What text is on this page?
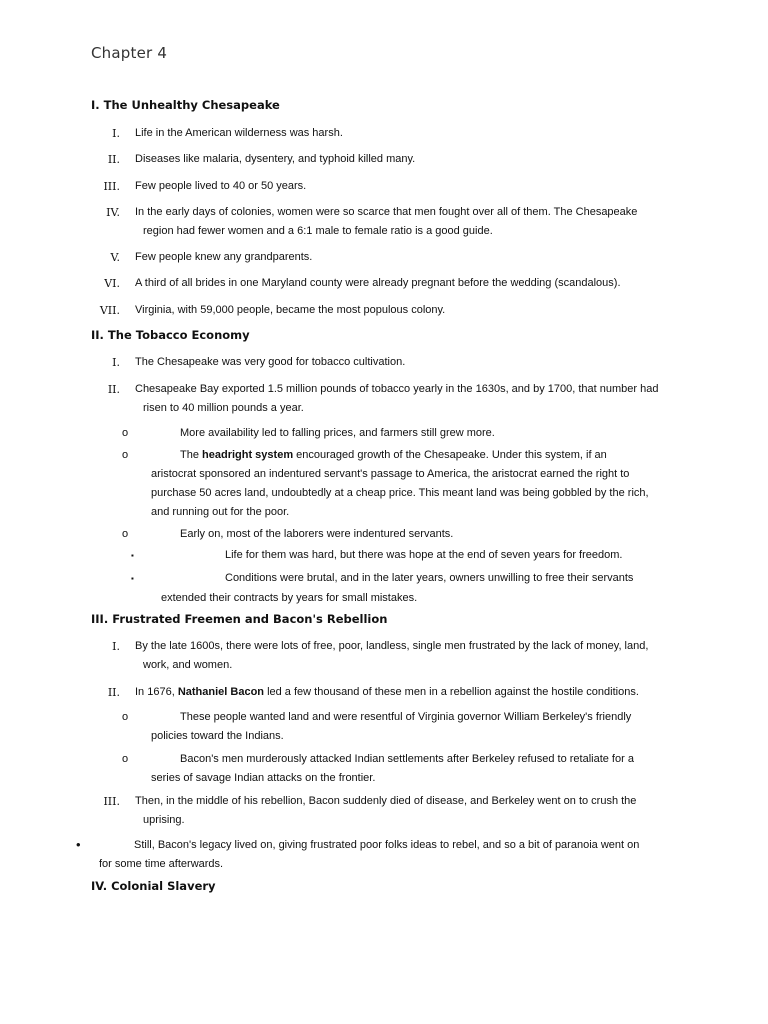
Chapter 4
I. The Unhealthy Chesapeake
I. Life in the American wilderness was harsh.
II. Diseases like malaria, dysentery, and typhoid killed many.
III. Few people lived to 40 or 50 years.
IV. In the early days of colonies, women were so scarce that men fought over all of them. The Chesapeake
region had fewer women and a 6:1 male to female ratio is a good guide.
V. Few people knew any grandparents.
VI. A third of all brides in one Maryland county were already pregnant before the wedding (scandalous).
VII. Virginia, with 59,000 people, became the most populous colony.
II. The Tobacco Economy
I. The Chesapeake was very good for tobacco cultivation.
II. Chesapeake Bay exported 1.5 million pounds of tobacco yearly in the 1630s, and by 1700, that number had
risen to 40 million pounds a year.
o	More availability led to falling prices, and farmers still grew more.
o	The headright system encouraged growth of the Chesapeake. Under this system, if an
aristocrat sponsored an indentured servant's passage to America, the aristocrat earned the right to
purchase 50 acres land, undoubtedly at a cheap price. This meant land was being gobbled by the rich,
and running out for the poor.
o	Early on, most of the laborers were indentured servants.
▪	Life for them was hard, but there was hope at the end of seven years for freedom.
▪	Conditions were brutal, and in the later years, owners unwilling to free their servants
extended their contracts by years for small mistakes.
III. Frustrated Freemen and Bacon's Rebellion
I. By the late 1600s, there were lots of free, poor, landless, single men frustrated by the lack of money, land,
work, and women.
II. In 1676, Nathaniel Bacon led a few thousand of these men in a rebellion against the hostile conditions.
o	These people wanted land and were resentful of Virginia governor William Berkeley's friendly
policies toward the Indians.
o	Bacon's men murderously attacked Indian settlements after Berkeley refused to retaliate for a
series of savage Indian attacks on the frontier.
III. Then, in the middle of his rebellion, Bacon suddenly died of disease, and Berkeley went on to crush the
uprising.
•	Still, Bacon's legacy lived on, giving frustrated poor folks ideas to rebel, and so a bit of paranoia went on
for some time afterwards.
IV. Colonial Slavery
